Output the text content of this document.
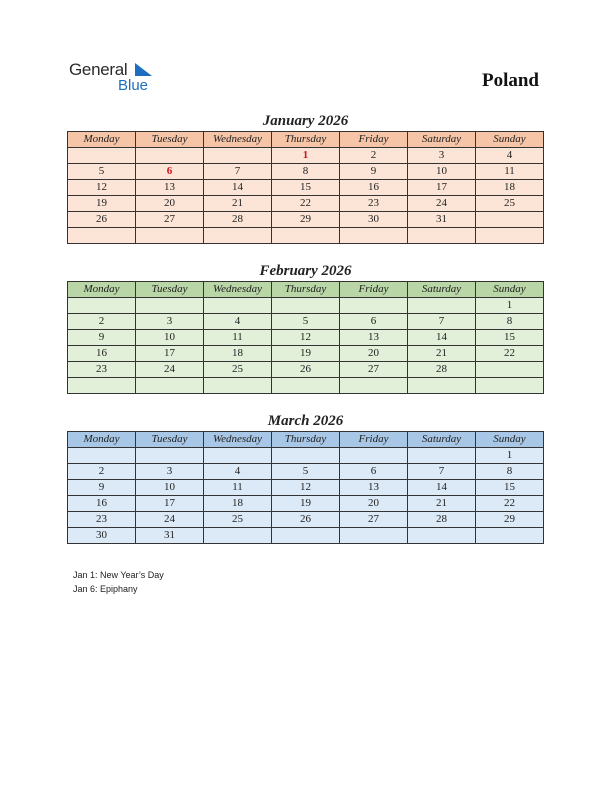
General
Blue	Poland
January 2026
Monday	Tuesday	Wednesday	Thursday	Friday	Saturday	Sunday
			1	2	3	4
5	6	7	8	9	10	11
12	13	14	15	16	17	18
19	20	21	22	23	24	25
26	27	28	29	30	31	

February 2026
Monday	Tuesday	Wednesday	Thursday	Friday	Saturday	Sunday
						1
2	3	4	5	6	7	8
9	10	11	12	13	14	15
16	17	18	19	20	21	22
23	24	25	26	27	28	

March 2026
Monday	Tuesday	Wednesday	Thursday	Friday	Saturday	Sunday
						1
2	3	4	5	6	7	8
9	10	11	12	13	14	15
16	17	18	19	20	21	22
23	24	25	26	27	28	29
30	31					
Jan 1: New Year’s Day
Jan 6: Epiphany
